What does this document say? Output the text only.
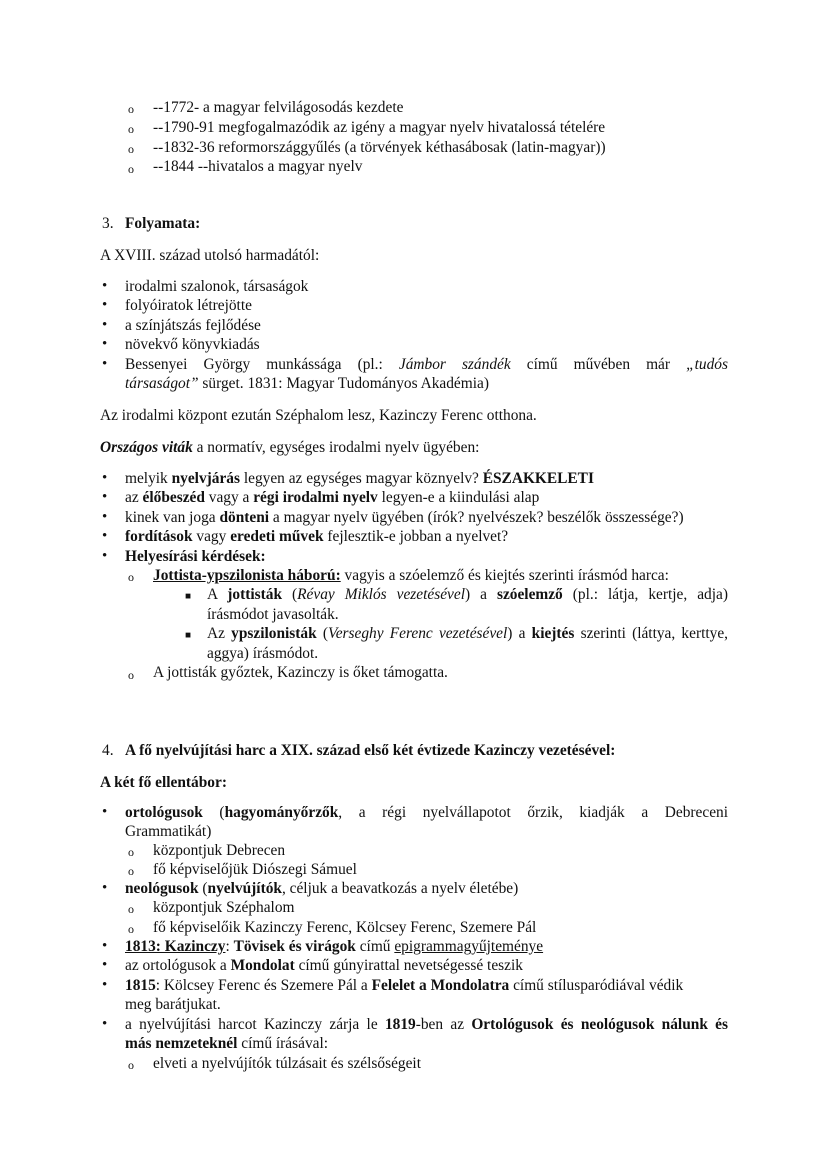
o --1772- a magyar felvilágosodás kezdete
o --1790-91 megfogalmazódik az igény a magyar nyelv hivatalossá tételére
o --1832-36 reformországgyűlés (a törvények kéthasábosak (latin-magyar))
o --1844 --hivatalos a magyar nyelv
3. Folyamata:
A XVIII. század utolsó harmadától:
• irodalmi szalonok, társaságok
• folyóiratok létrejötte
• a színjátszás fejlődése
• növekvő könyvkiadás
• Bessenyei György munkássága (pl.: Jámbor szándék című művében már „tudós
társaságot” sürget. 1831: Magyar Tudományos Akadémia)
Az irodalmi központ ezután Széphalom lesz, Kazinczy Ferenc otthona.
Országos viták a normatív, egységes irodalmi nyelv ügyében:
• melyik nyelvjárás legyen az egységes magyar köznyelv? ÉSZAKKELETI
• az élőbeszéd vagy a régi irodalmi nyelv legyen-e a kiindulási alap
• kinek van joga dönteni a magyar nyelv ügyében (írók? nyelvészek? beszélők összessége?)
• fordítások vagy eredeti művek fejlesztik-e jobban a nyelvet?
• Helyesírási kérdések:
o Jottista-ypszilonista háború: vagyis a szóelemző és kiejtés szerinti írásmód harca:
■ A jottisták (Révay Miklós vezetésével) a szóelemző (pl.: látja, kertje, adja)
írásmódot javasolták.
■ Az ypszilonisták (Verseghy Ferenc vezetésével) a kiejtés szerinti (láttya, kerttye,
aggya) írásmódot.
o A jottisták győztek, Kazinczy is őket támogatta.
4. A fő nyelvújítási harc a XIX. század első két évtizede Kazinczy vezetésével:
A két fő ellentábor:
• ortológusok (hagyományőrzők, a régi nyelvállapotot őrzik, kiadják a Debreceni
Grammatikát)
o központjuk Debrecen
o fő képviselőjük Diószegi Sámuel
• neológusok (nyelvújítók, céljuk a beavatkozás a nyelv életébe)
o központjuk Széphalom
o fő képviselőik Kazinczy Ferenc, Kölcsey Ferenc, Szemere Pál
• 1813: Kazinczy: Tövisek és virágok című epigrammagyűjteménye
• az ortológusok a Mondolat című gúnyirattal nevetségessé teszik
• 1815: Kölcsey Ferenc és Szemere Pál a Felelet a Mondolatra című stílusparódiával védik
meg barátjukat.
• a nyelvújítási harcot Kazinczy zárja le 1819-ben az Ortológusok és neológusok nálunk és
más nemzeteknél című írásával:
o elveti a nyelvújítók túlzásait és szélsőségeit
